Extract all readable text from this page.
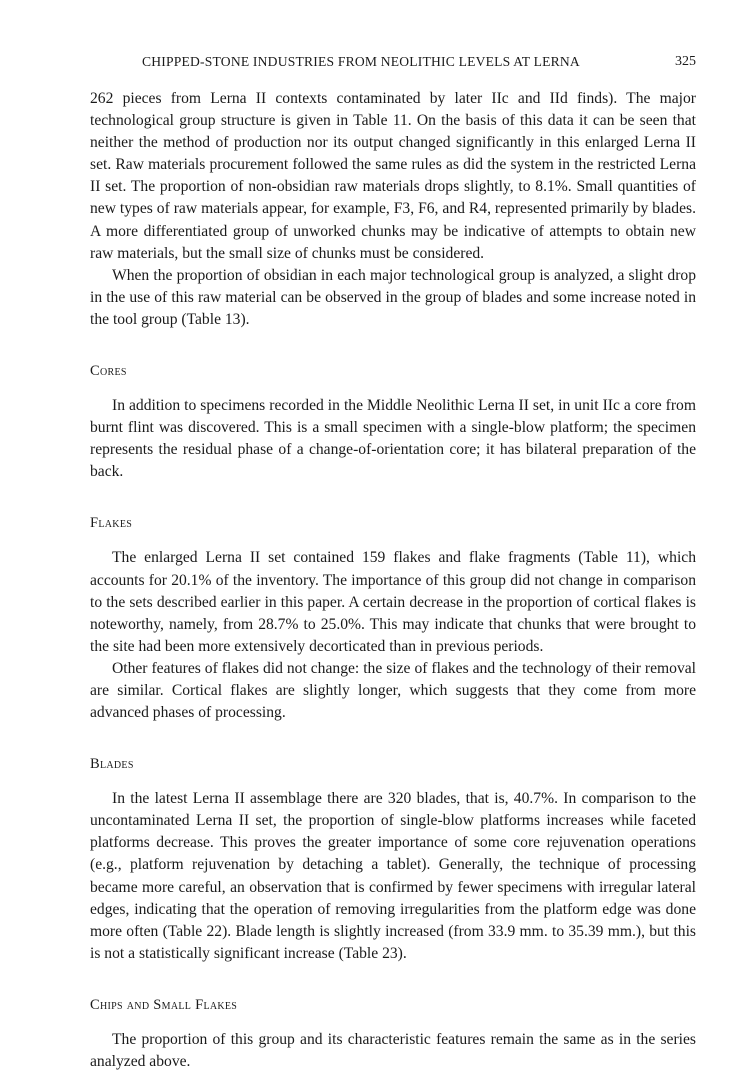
CHIPPED-STONE INDUSTRIES FROM NEOLITHIC LEVELS AT LERNA	325

262 pieces from Lerna II contexts contaminated by later IIc and IId finds). The major technological group structure is given in Table 11. On the basis of this data it can be seen that neither the method of production nor its output changed significantly in this enlarged Lerna II set. Raw materials procurement followed the same rules as did the system in the restricted Lerna II set. The proportion of non-obsidian raw materials drops slightly, to 8.1%. Small quantities of new types of raw materials appear, for example, F3, F6, and R4, represented primarily by blades. A more differentiated group of unworked chunks may be indicative of attempts to obtain new raw materials, but the small size of chunks must be considered.

When the proportion of obsidian in each major technological group is analyzed, a slight drop in the use of this raw material can be observed in the group of blades and some increase noted in the tool group (Table 13).

Cores

In addition to specimens recorded in the Middle Neolithic Lerna II set, in unit IIc a core from burnt flint was discovered. This is a small specimen with a single-blow platform; the specimen represents the residual phase of a change-of-orientation core; it has bilateral preparation of the back.

Flakes

The enlarged Lerna II set contained 159 flakes and flake fragments (Table 11), which accounts for 20.1% of the inventory. The importance of this group did not change in comparison to the sets described earlier in this paper. A certain decrease in the proportion of cortical flakes is noteworthy, namely, from 28.7% to 25.0%. This may indicate that chunks that were brought to the site had been more extensively decorticated than in previous periods.

Other features of flakes did not change: the size of flakes and the technology of their removal are similar. Cortical flakes are slightly longer, which suggests that they come from more advanced phases of processing.

Blades

In the latest Lerna II assemblage there are 320 blades, that is, 40.7%. In comparison to the uncontaminated Lerna II set, the proportion of single-blow platforms increases while faceted platforms decrease. This proves the greater importance of some core rejuvenation operations (e.g., platform rejuvenation by detaching a tablet). Generally, the technique of processing became more careful, an observation that is confirmed by fewer specimens with irregular lateral edges, indicating that the operation of removing irregularities from the platform edge was done more often (Table 22). Blade length is slightly increased (from 33.9 mm. to 35.39 mm.), but this is not a statistically significant increase (Table 23).

Chips and Small Flakes

The proportion of this group and its characteristic features remain the same as in the series analyzed above.
